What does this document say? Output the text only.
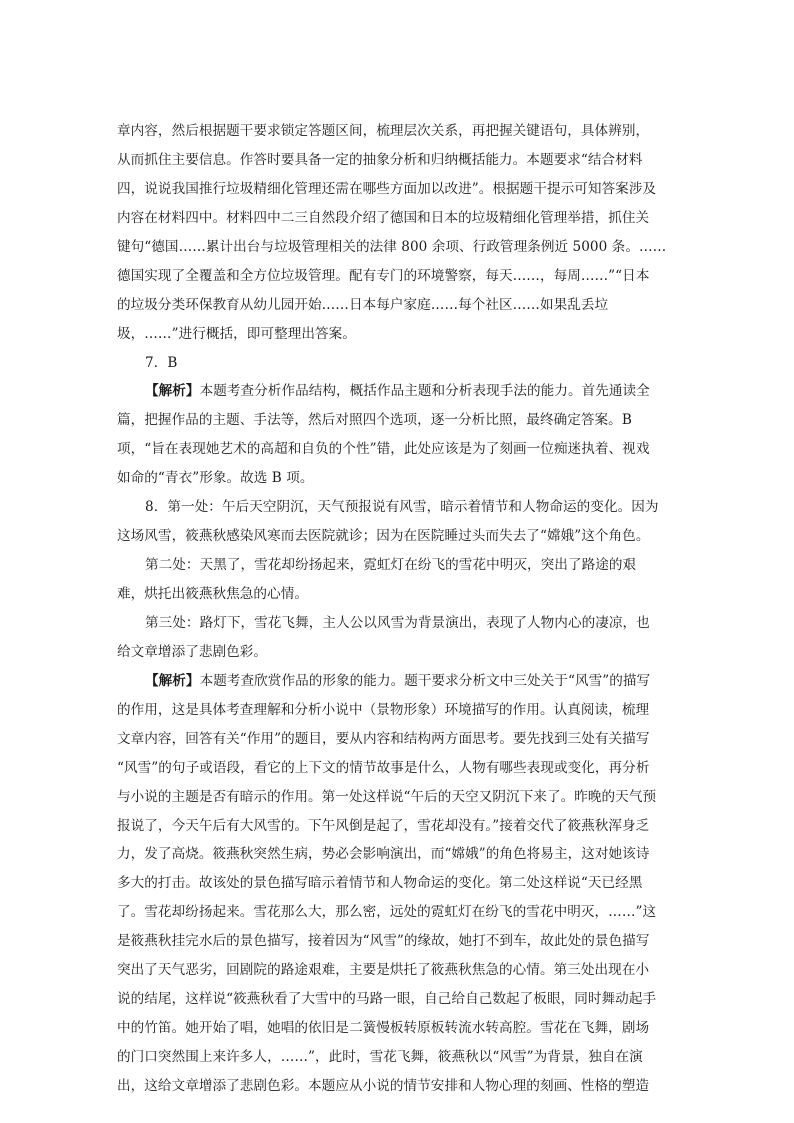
章内容，然后根据题干要求锁定答题区间，梳理层次关系，再把握关键语句，具体辨别，
从而抓住主要信息。作答时要具备一定的抽象分析和归纳概括能力。本题要求“结合材料
四，说说我国推行垃圾精细化管理还需在哪些方面加以改进”。根据题干提示可知答案涉及
内容在材料四中。材料四中二三自然段介绍了德国和日本的垃圾精细化管理举措，抓住关
键句“德国……累计出台与垃圾管理相关的法律 800 余项、行政管理条例近 5000 条。……
德国实现了全覆盖和全方位垃圾管理。配有专门的环境警察，每天……，每周……”“日本
的垃圾分类环保教育从幼儿园开始……日本每户家庭……每个社区……如果乱丢垃
圾，……”进行概括，即可整理出答案。
7．B
【解析】本题考查分析作品结构，概括作品主题和分析表现手法的能力。首先通读全
篇，把握作品的主题、手法等，然后对照四个选项，逐一分析比照，最终确定答案。B
项，“旨在表现她艺术的高超和自负的个性”错，此处应该是为了刻画一位痴迷执着、视戏
如命的“青衣”形象。故选 B 项。
8．第一处：午后天空阴沉，天气预报说有风雪，暗示着情节和人物命运的变化。因为
这场风雪，筱燕秋感染风寒而去医院就诊；因为在医院睡过头而失去了“嫦娥”这个角色。
第二处：天黑了，雪花却纷扬起来，霓虹灯在纷飞的雪花中明灭，突出了路途的艰
难，烘托出筱燕秋焦急的心情。
第三处：路灯下，雪花飞舞，主人公以风雪为背景演出，表现了人物内心的凄凉，也
给文章增添了悲剧色彩。
【解析】本题考查欣赏作品的形象的能力。题干要求分析文中三处关于“风雪”的描写
的作用，这是具体考查理解和分析小说中（景物形象）环境描写的作用。认真阅读，梳理
文章内容，回答有关“作用”的题目，要从内容和结构两方面思考。要先找到三处有关描写
“风雪”的句子或语段，看它的上下文的情节故事是什么，人物有哪些表现或变化，再分析
与小说的主题是否有暗示的作用。第一处这样说“午后的天空又阴沉下来了。昨晚的天气预
报说了，今天午后有大风雪的。下午风倒是起了，雪花却没有。”接着交代了筱燕秋浑身乏
力，发了高烧。筱燕秋突然生病，势必会影响演出，而“嫦娥”的角色将易主，这对她该诗
多大的打击。故该处的景色描写暗示着情节和人物命运的变化。第二处这样说“天已经黑
了。雪花却纷扬起来。雪花那么大，那么密，远处的霓虹灯在纷飞的雪花中明灭，……”这
是筱燕秋挂完水后的景色描写，接着因为“风雪”的缘故，她打不到车，故此处的景色描写
突出了天气恶劣，回剧院的路途艰难，主要是烘托了筱燕秋焦急的心情。第三处出现在小
说的结尾，这样说“筱燕秋看了大雪中的马路一眼，自己给自己数起了板眼，同时舞动起手
中的竹笛。她开始了唱，她唱的依旧是二簧慢板转原板转流水转高腔。雪花在飞舞，剧场
的门口突然围上来许多人，……”，此时，雪花飞舞，筱燕秋以“风雪”为背景，独自在演
出，这给文章增添了悲剧色彩。本题应从小说的情节安排和人物心理的刻画、性格的塑造
